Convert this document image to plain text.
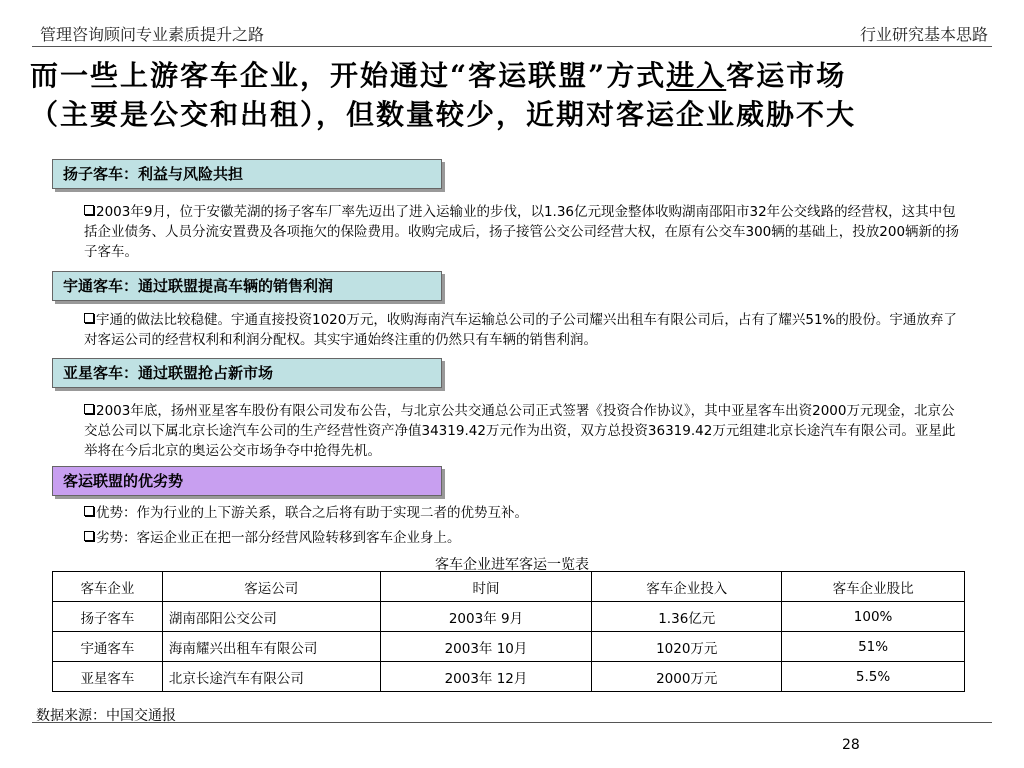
管理咨询顾问专业素质提升之路	行业研究基本思路
而一些上游客车企业，开始通过“客运联盟”方式进入客运市场
（主要是公交和出租），但数量较少，近期对客运企业威胁不大
扬子客车：利益与风险共担
2003年9月，位于安徽芜湖的扬子客车厂率先迈出了进入运输业的步伐，以1.36亿元现金整体收购湖南邵阳市32年公交线路的经营权，这其中包括企业债务、人员分流安置费及各项拖欠的保险费用。收购完成后，扬子接管公交公司经营大权，在原有公交车300辆的基础上，投放200辆新的扬子客车。
宇通客车：通过联盟提高车辆的销售利润
宇通的做法比较稳健。宇通直接投资1020万元，收购海南汽车运输总公司的子公司耀兴出租车有限公司后，占有了耀兴51%的股份。宇通放弃了对客运公司的经营权利和利润分配权。其实宇通始终注重的仍然只有车辆的销售利润。
亚星客车：通过联盟抢占新市场
2003年底，扬州亚星客车股份有限公司发布公告，与北京公共交通总公司正式签署《投资合作协议》，其中亚星客车出资2000万元现金，北京公交总公司以下属北京长途汽车公司的生产经营性资产净值34319.42万元作为出资，双方总投资36319.42万元组建北京长途汽车有限公司。亚星此举将在今后北京的奥运公交市场争夺中抢得先机。
客运联盟的优劣势
优势：作为行业的上下游关系，联合之后将有助于实现二者的优势互补。
劣势：客运企业正在把一部分经营风险转移到客车企业身上。
客车企业进军客运一览表
客车企业	客运公司	时间	客车企业投入	客车企业股比
扬子客车	湖南邵阳公交公司	2003年 9月	1.36亿元	100%
宇通客车	海南耀兴出租车有限公司	2003年 10月	1020万元	51%
亚星客车	北京长途汽车有限公司	2003年 12月	2000万元	5.5%
数据来源：中国交通报
28
